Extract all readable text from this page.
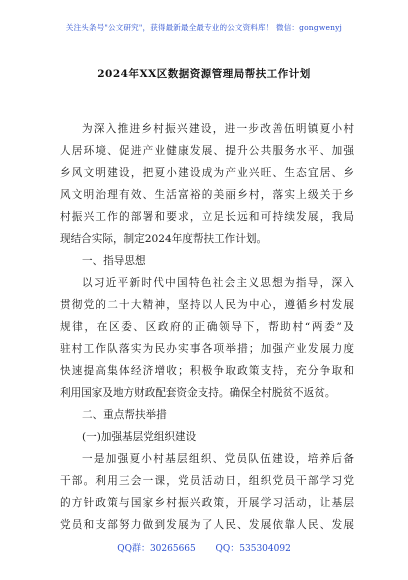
关注头条号"公文研究"，获得最新最全最专业的公文资料库！ 微信：gongwenyj
2024年XX区数据资源管理局帮扶工作计划
为深入推进乡村振兴建设，进一步改善伍明镇夏小村
人居环境、促进产业健康发展、提升公共服务水平、加强
乡风文明建设，把夏小建设成为产业兴旺、生态宜居、乡
风文明治理有效、生活富裕的美丽乡村，落实上级关于乡
村振兴工作的部署和要求，立足长远和可持续发展，我局
现结合实际，制定2024年度帮扶工作计划。
一、指导思想
以习近平新时代中国特色社会主义思想为指导，深入
贯彻党的二十大精神，坚持以人民为中心，遵循乡村发展
规律，在区委、区政府的正确领导下，帮助村“两委”及
驻村工作队落实为民办实事各项举措；加强产业发展力度
快速提高集体经济增收；积极争取政策支持，充分争取和
利用国家及地方财政配套资金支持。确保全村脱贫不返贫。
二、重点帮扶举措
(一)加强基层党组织建设
一是加强夏小村基层组织、党员队伍建设，培养后备
干部。利用三会一课，党员活动日，组织党员干部学习党
的方针政策与国家乡村振兴政策，开展学习活动，让基层
党员和支部努力做到发展为了人民、发展依靠人民、发展
QQ群：30265665 QQ：535304092
